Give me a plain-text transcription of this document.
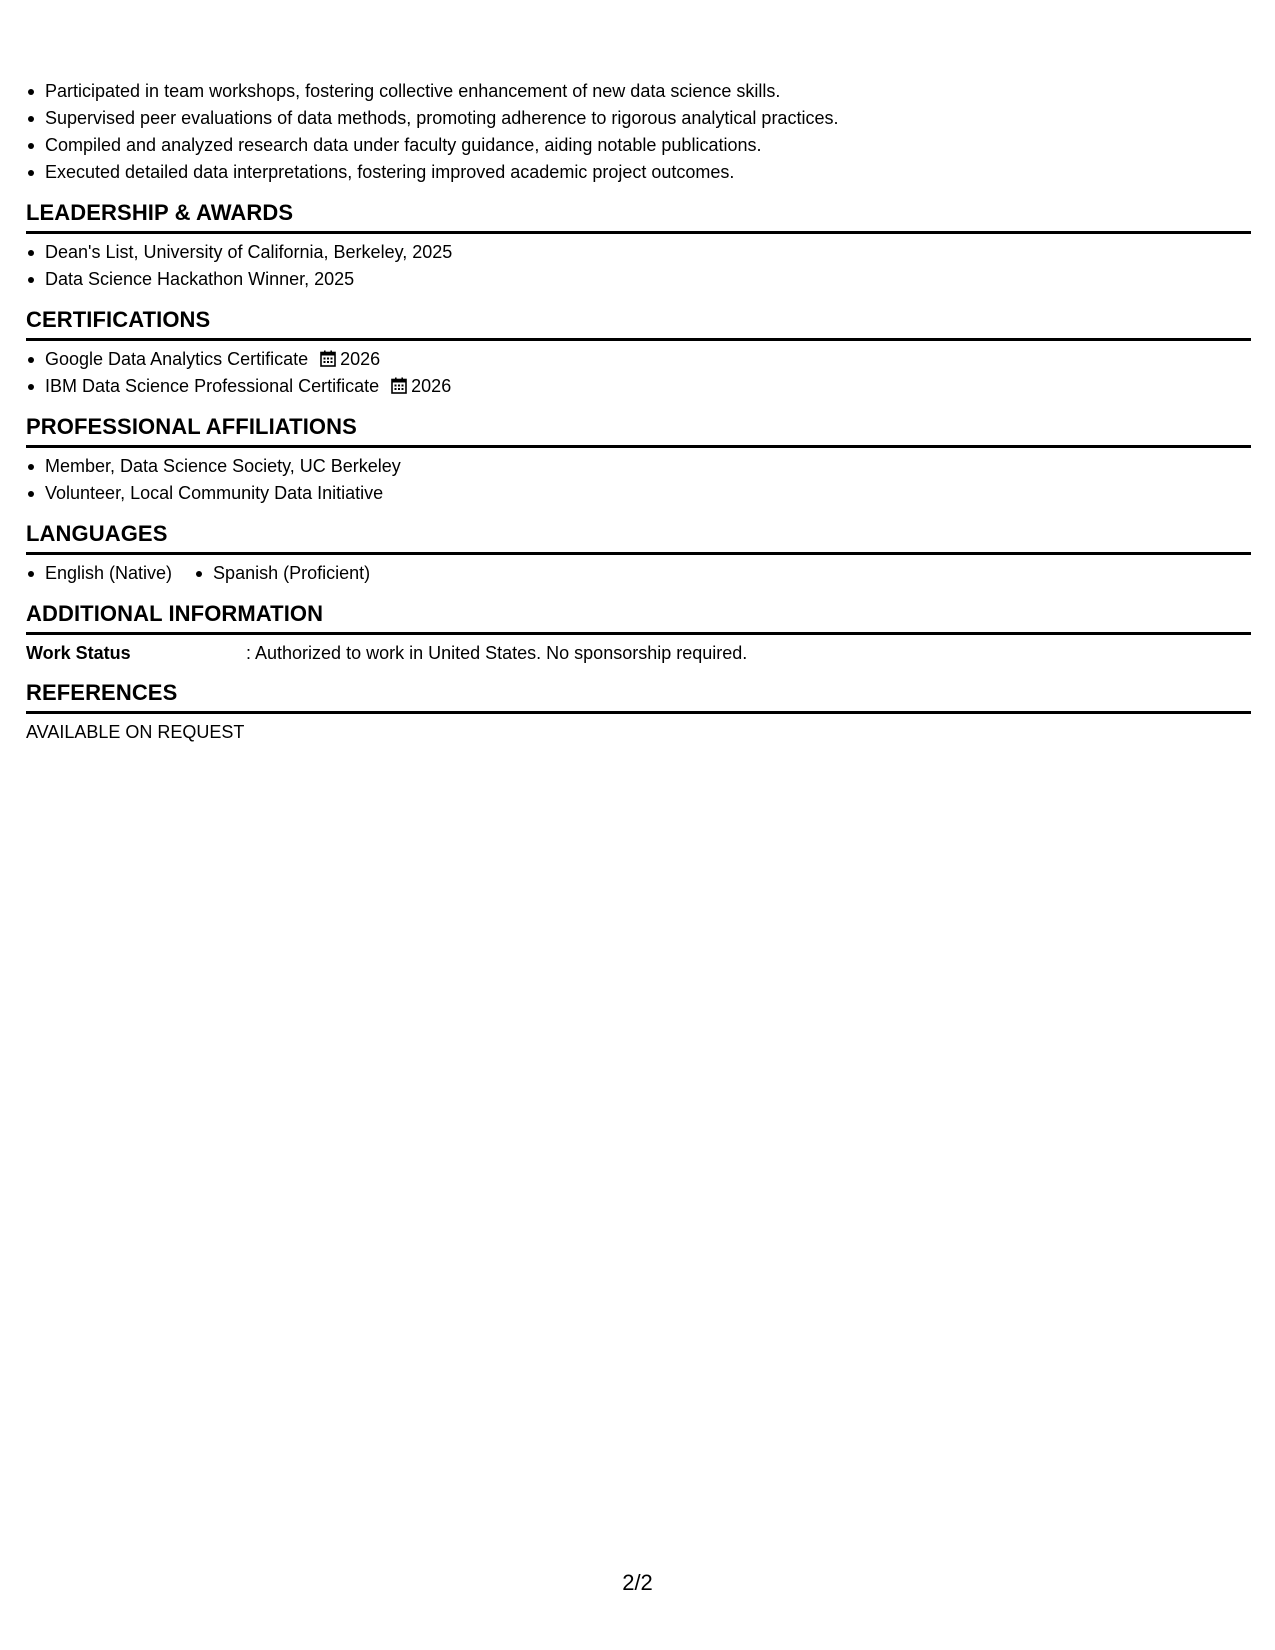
Participated in team workshops, fostering collective enhancement of new data science skills.
Supervised peer evaluations of data methods, promoting adherence to rigorous analytical practices.
Compiled and analyzed research data under faculty guidance, aiding notable publications.
Executed detailed data interpretations, fostering improved academic project outcomes.
LEADERSHIP & AWARDS
Dean's List, University of California, Berkeley, 2025
Data Science Hackathon Winner, 2025
CERTIFICATIONS
Google Data Analytics Certificate 2026
IBM Data Science Professional Certificate 2026
PROFESSIONAL AFFILIATIONS
Member, Data Science Society, UC Berkeley
Volunteer, Local Community Data Initiative
LANGUAGES
English (Native)	Spanish (Proficient)
ADDITIONAL INFORMATION
Work Status	: Authorized to work in United States. No sponsorship required.
REFERENCES
AVAILABLE ON REQUEST
2/2
